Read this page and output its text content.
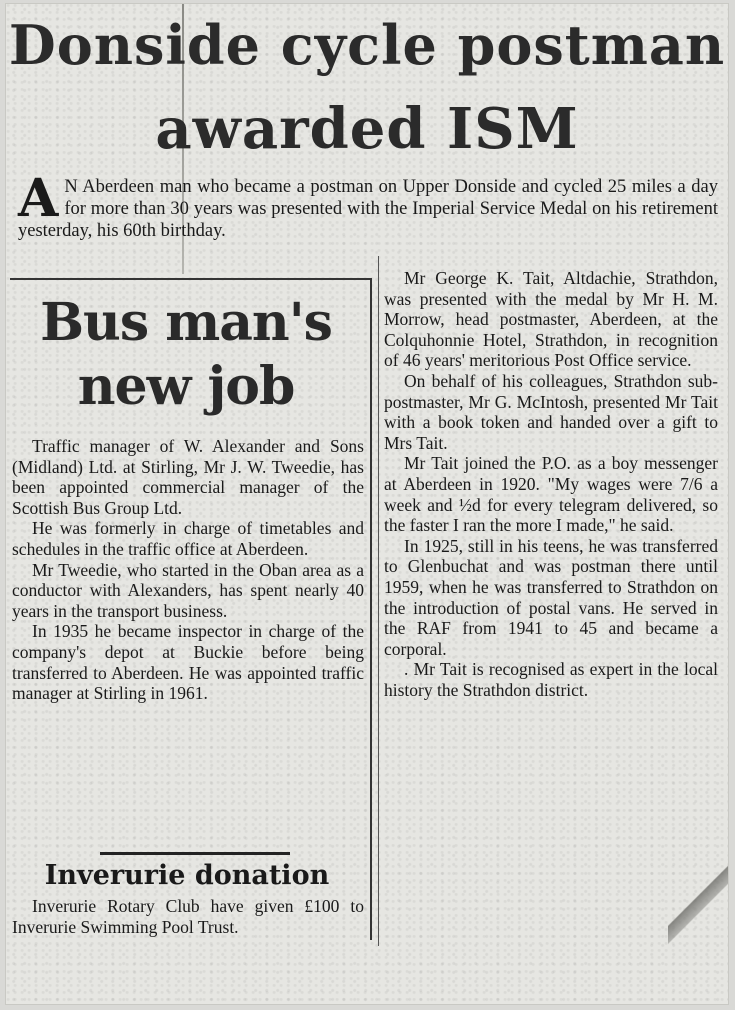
Donside cycle postman
awarded ISM
A N Aberdeen man who became a postman on Upper Donside and cycled 25 miles a day for more than 30 years was presented with the Imperial Service Medal on his retirement yesterday, his 60th birthday.
Bus man's
new job

Traffic manager of W. Alexander and Sons (Midland) Ltd. at Stirling, Mr J. W. Tweedie, has been appointed commercial manager of the Scottish Bus Group Ltd.

He was formerly in charge of timetables and schedules in the traffic office at Aberdeen.

Mr Tweedie, who started in the Oban area as a conductor with Alexanders, has spent nearly 40 years in the transport business.

In 1935 he became inspector in charge of the company's depot at Buckie before being transferred to Aberdeen. He was appointed traffic manager at Stirling in 1961.

Inverurie donation

Inverurie Rotary Club have given £100 to Inverurie Swimming Pool Trust.

Mr George K. Tait, Altdachie, Strathdon, was presented with the medal by Mr H. M. Morrow, head postmaster, Aberdeen, at the Colquhonnie Hotel, Strathdon, in recognition of 46 years' meritorious Post Office service.

On behalf of his colleagues, Strathdon sub-postmaster, Mr G. McIntosh, presented Mr Tait with a book token and handed over a gift to Mrs Tait.

Mr Tait joined the P.O. as a boy messenger at Aberdeen in 1920. "My wages were 7/6 a week and ½d for every telegram delivered, so the faster I ran the more I made," he said.

In 1925, still in his teens, he was transferred to Glenbuchat and was postman there until 1959, when he was transferred to Strathdon on the introduction of postal vans. He served in the RAF from 1941 to 45 and became a corporal.

. Mr Tait is recognised as expert in the local history the Strathdon district.
